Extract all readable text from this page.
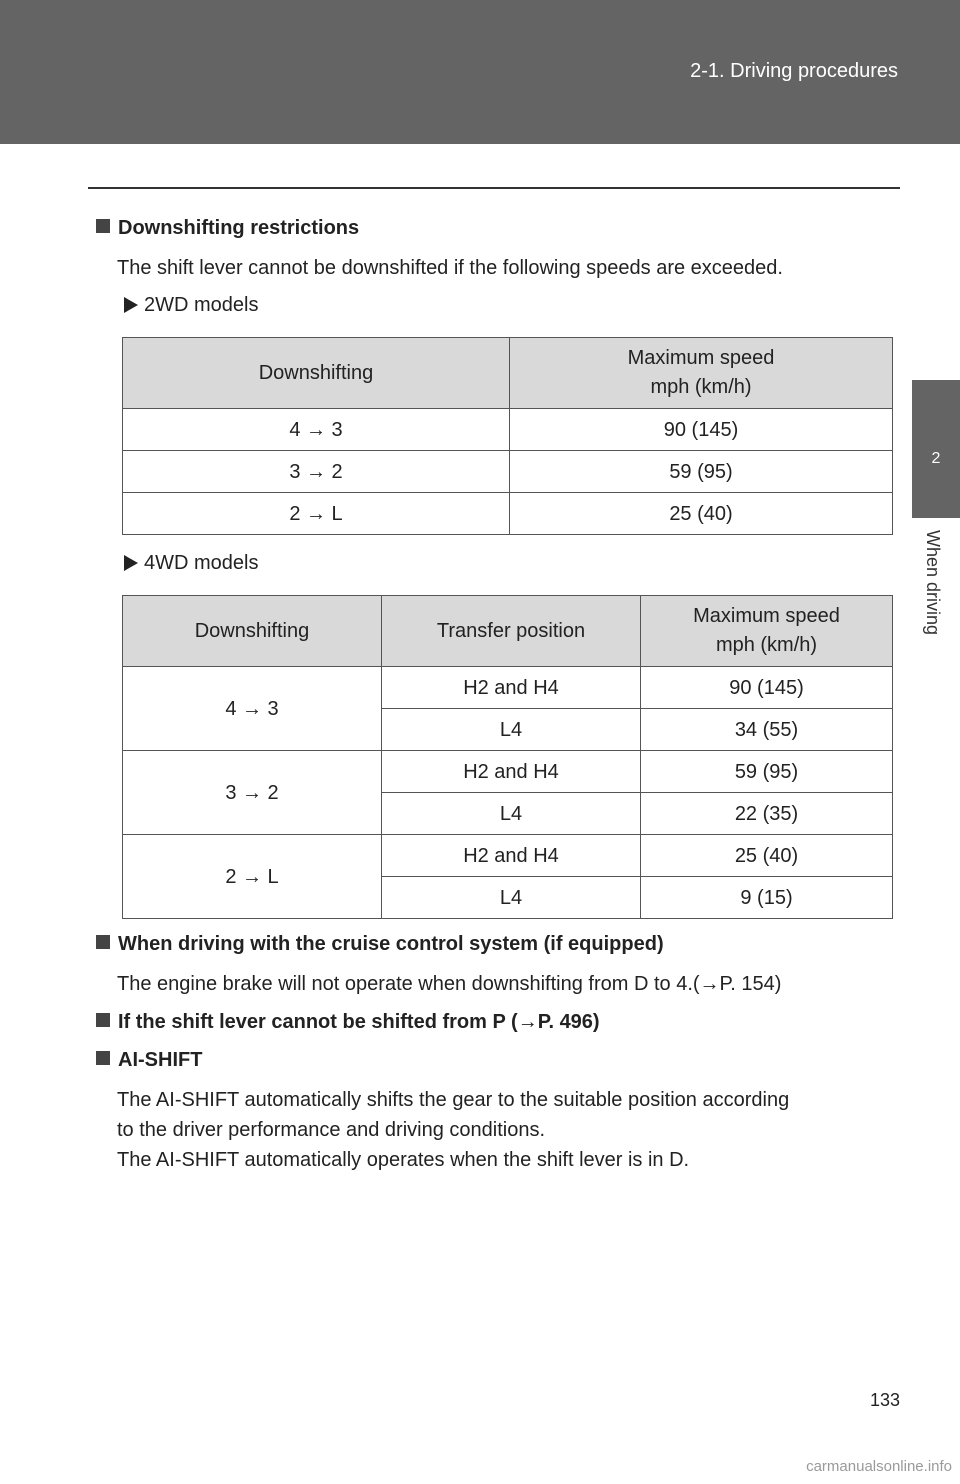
2-1. Driving procedures
2
When driving
Downshifting restrictions
The shift lever cannot be downshifted if the following speeds are exceeded.
2WD models
Downshifting	Maximum speed
mph (km/h)
4 → 3	90 (145)
3 → 2	59 (95)
2 → L	25 (40)
4WD models
Downshifting	Transfer position	Maximum speed
mph (km/h)
4 → 3	H2 and H4	90 (145)
	L4	34 (55)
3 → 2	H2 and H4	59 (95)
	L4	22 (35)
2 → L	H2 and H4	25 (40)
	L4	9 (15)
When driving with the cruise control system (if equipped)
The engine brake will not operate when downshifting from D to 4.(→P. 154)
If the shift lever cannot be shifted from P (→P. 496)
AI-SHIFT
The AI-SHIFT automatically shifts the gear to the suitable position according
to the driver performance and driving conditions.
The AI-SHIFT automatically operates when the shift lever is in D.
133
carmanualsonline.info
